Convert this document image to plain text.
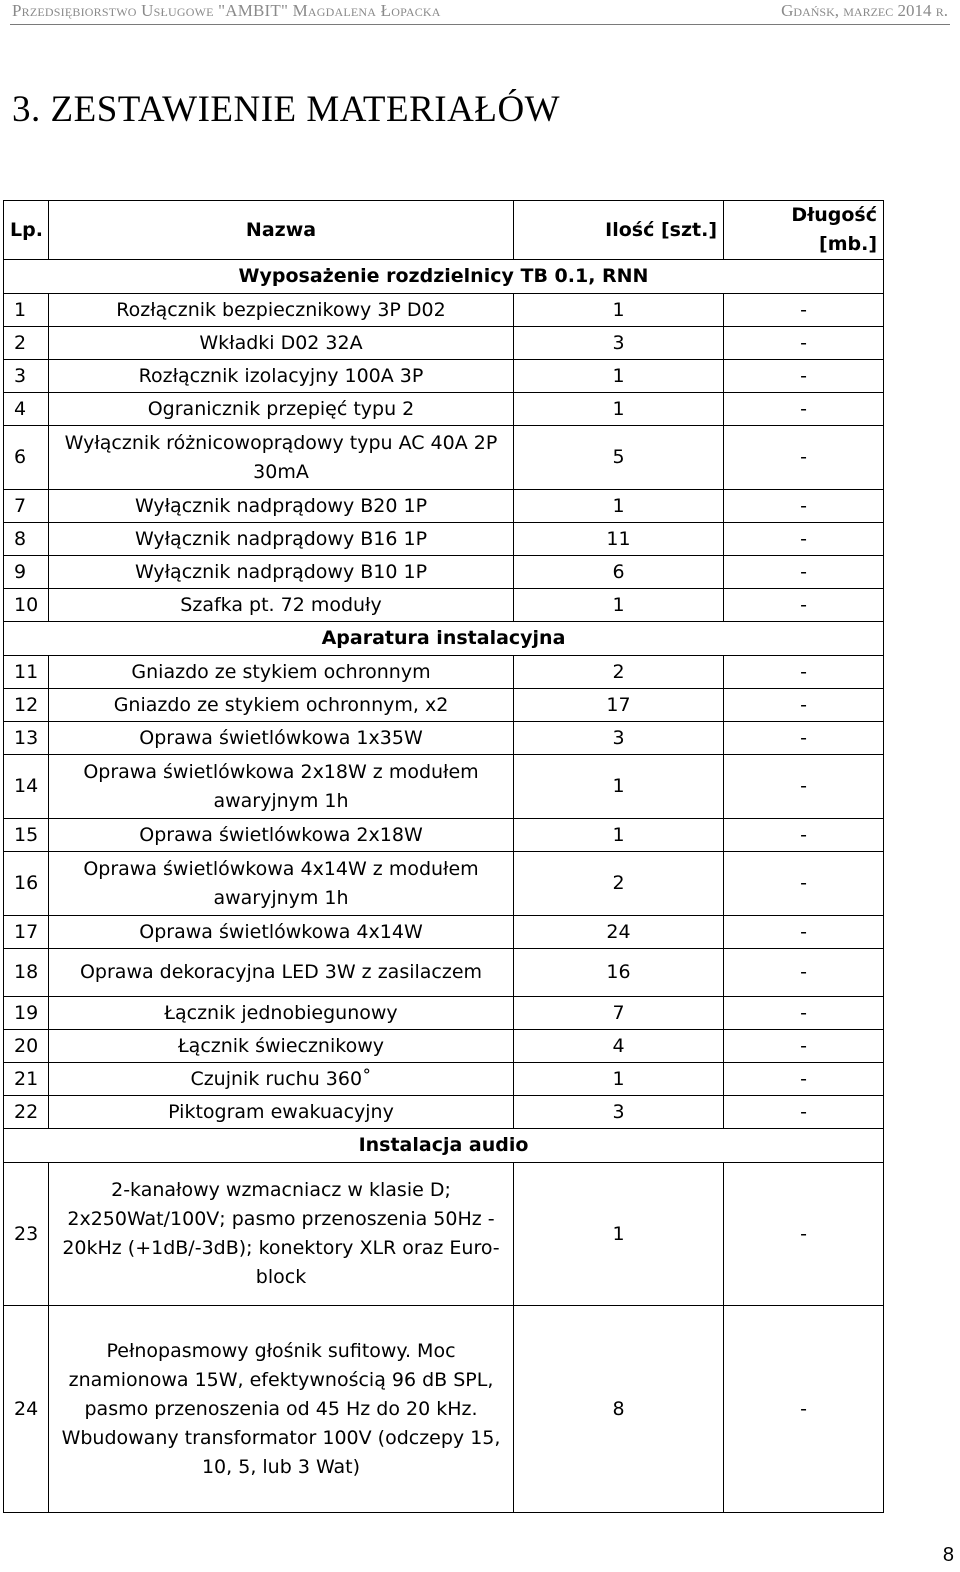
Przedsiębiorstwo Usługowe "AMBIT" Magdalena Łopacka	Gdańsk, marzec 2014 r.
3. ZESTAWIENIE MATERIAŁÓW
Lp.	Nazwa	Ilość [szt.]	Długość [mb.]
Wyposażenie rozdzielnicy TB 0.1, RNN			
1	Rozłącznik bezpiecznikowy 3P D02	1	-
2	Wkładki D02 32A	3	-
3	Rozłącznik izolacyjny 100A 3P	1	-
4	Ogranicznik przepięć typu 2	1	-
6	Wyłącznik różnicowoprądowy typu AC 40A 2P 30mA	5	-
7	Wyłącznik nadprądowy B20 1P	1	-
8	Wyłącznik nadprądowy B16 1P	11	-
9	Wyłącznik nadprądowy B10 1P	6	-
10	Szafka pt. 72 moduły	1	-
Aparatura instalacyjna			
11	Gniazdo ze stykiem ochronnym	2	-
12	Gniazdo ze stykiem ochronnym, x2	17	-
13	Oprawa świetlówkowa 1x35W	3	-
14	Oprawa świetlówkowa 2x18W z modułem awaryjnym 1h	1	-
15	Oprawa świetlówkowa 2x18W	1	-
16	Oprawa świetlówkowa 4x14W z modułem awaryjnym 1h	2	-
17	Oprawa świetlówkowa 4x14W	24	-
18	Oprawa dekoracyjna LED 3W z zasilaczem	16	-
19	Łącznik jednobiegunowy	7	-
20	Łącznik świecznikowy	4	-
21	Czujnik ruchu 360˚	1	-
22	Piktogram ewakuacyjny	3	-
Instalacja audio			
23	2-kanałowy wzmacniacz w klasie D; 2x250Wat/100V; pasmo przenoszenia 50Hz - 20kHz (+1dB/-3dB); konektory XLR oraz Euro-block	1	-
24	Pełnopasmowy głośnik sufitowy. Moc znamionowa 15W, efektywnością 96 dB SPL, pasmo przenoszenia od 45 Hz do 20 kHz. Wbudowany transformator 100V (odczepy 15, 10, 5, lub 3 Wat)	8	-
8
